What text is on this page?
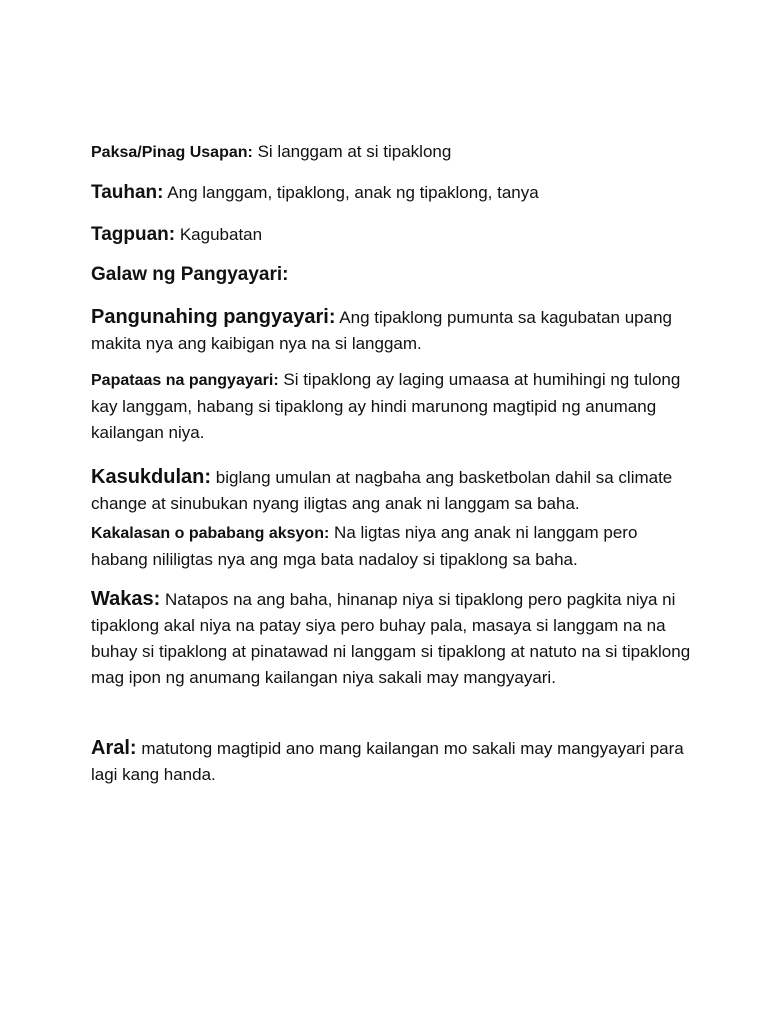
Paksa/Pinag Usapan: Si langgam at si tipaklong

Tauhan: Ang langgam, tipaklong, anak ng tipaklong, tanya

Tagpuan: Kagubatan

Galaw ng Pangyayari:

Pangunahing pangyayari: Ang tipaklong pumunta sa kagubatan upang makita nya ang kaibigan nya na si langgam.

Papataas na pangyayari: Si tipaklong ay laging umaasa at humihingi ng tulong kay langgam, habang si tipaklong ay hindi marunong magtipid ng anumang kailangan niya.

Kasukdulan: biglang umulan at nagbaha ang basketbolan dahil sa climate change at sinubukan nyang iligtas ang anak ni langgam sa baha.

Kakalasan o pababang aksyon: Na ligtas niya ang anak ni langgam pero habang nililigtas nya ang mga bata nadaloy si tipaklong sa baha.

Wakas: Natapos na ang baha, hinanap niya si tipaklong pero pagkita niya ni tipaklong akal niya na patay siya pero buhay pala, masaya si langgam na na buhay si tipaklong at pinatawad ni langgam si tipaklong at natuto na si tipaklong mag ipon ng anumang kailangan niya sakali may mangyayari.

Aral: matutong magtipid ano mang kailangan mo sakali may mangyayari para lagi kang handa.
